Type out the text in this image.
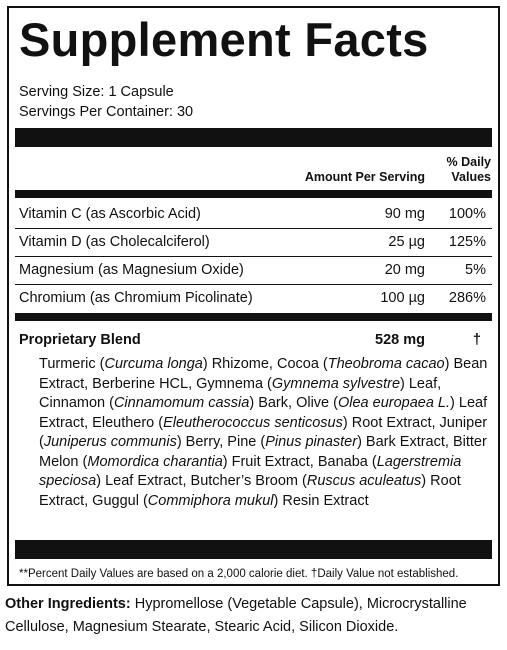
Supplement Facts
Serving Size: 1 Capsule
Servings Per Container: 30
Amount Per Serving
% Daily
Values
Vitamin C (as Ascorbic Acid)	90 mg 100%
Vitamin D (as Cholecalciferol)	25 µg 125%
Magnesium (as Magnesium Oxide)	20 mg	5%
Chromium (as Chromium Picolinate)	100 µg 286%
Proprietary Blend	528 mg	†
Turmeric (Curcuma longa) Rhizome, Cocoa (Theobroma cacao) Bean Extract, Berberine HCL, Gymnema (Gymnema sylvestre) Leaf, Cinnamon (Cinnamomum cassia) Bark, Olive (Olea europaea L.) Leaf Extract, Eleuthero (Eleutherococcus senticosus) Root Extract, Juniper (Juniperus communis) Berry, Pine (Pinus pinaster) Bark Extract, Bitter Melon (Momordica charantia) Fruit Extract, Banaba (Lagerstremia speciosa) Leaf Extract, Butcher’s Broom (Ruscus aculeatus) Root Extract, Guggul (Commiphora mukul) Resin Extract
**Percent Daily Values are based on a 2,000 calorie diet. †Daily Value not established.
Other Ingredients: Hypromellose (Vegetable Capsule), Microcrystalline Cellulose, Magnesium Stearate, Stearic Acid, Silicon Dioxide.
